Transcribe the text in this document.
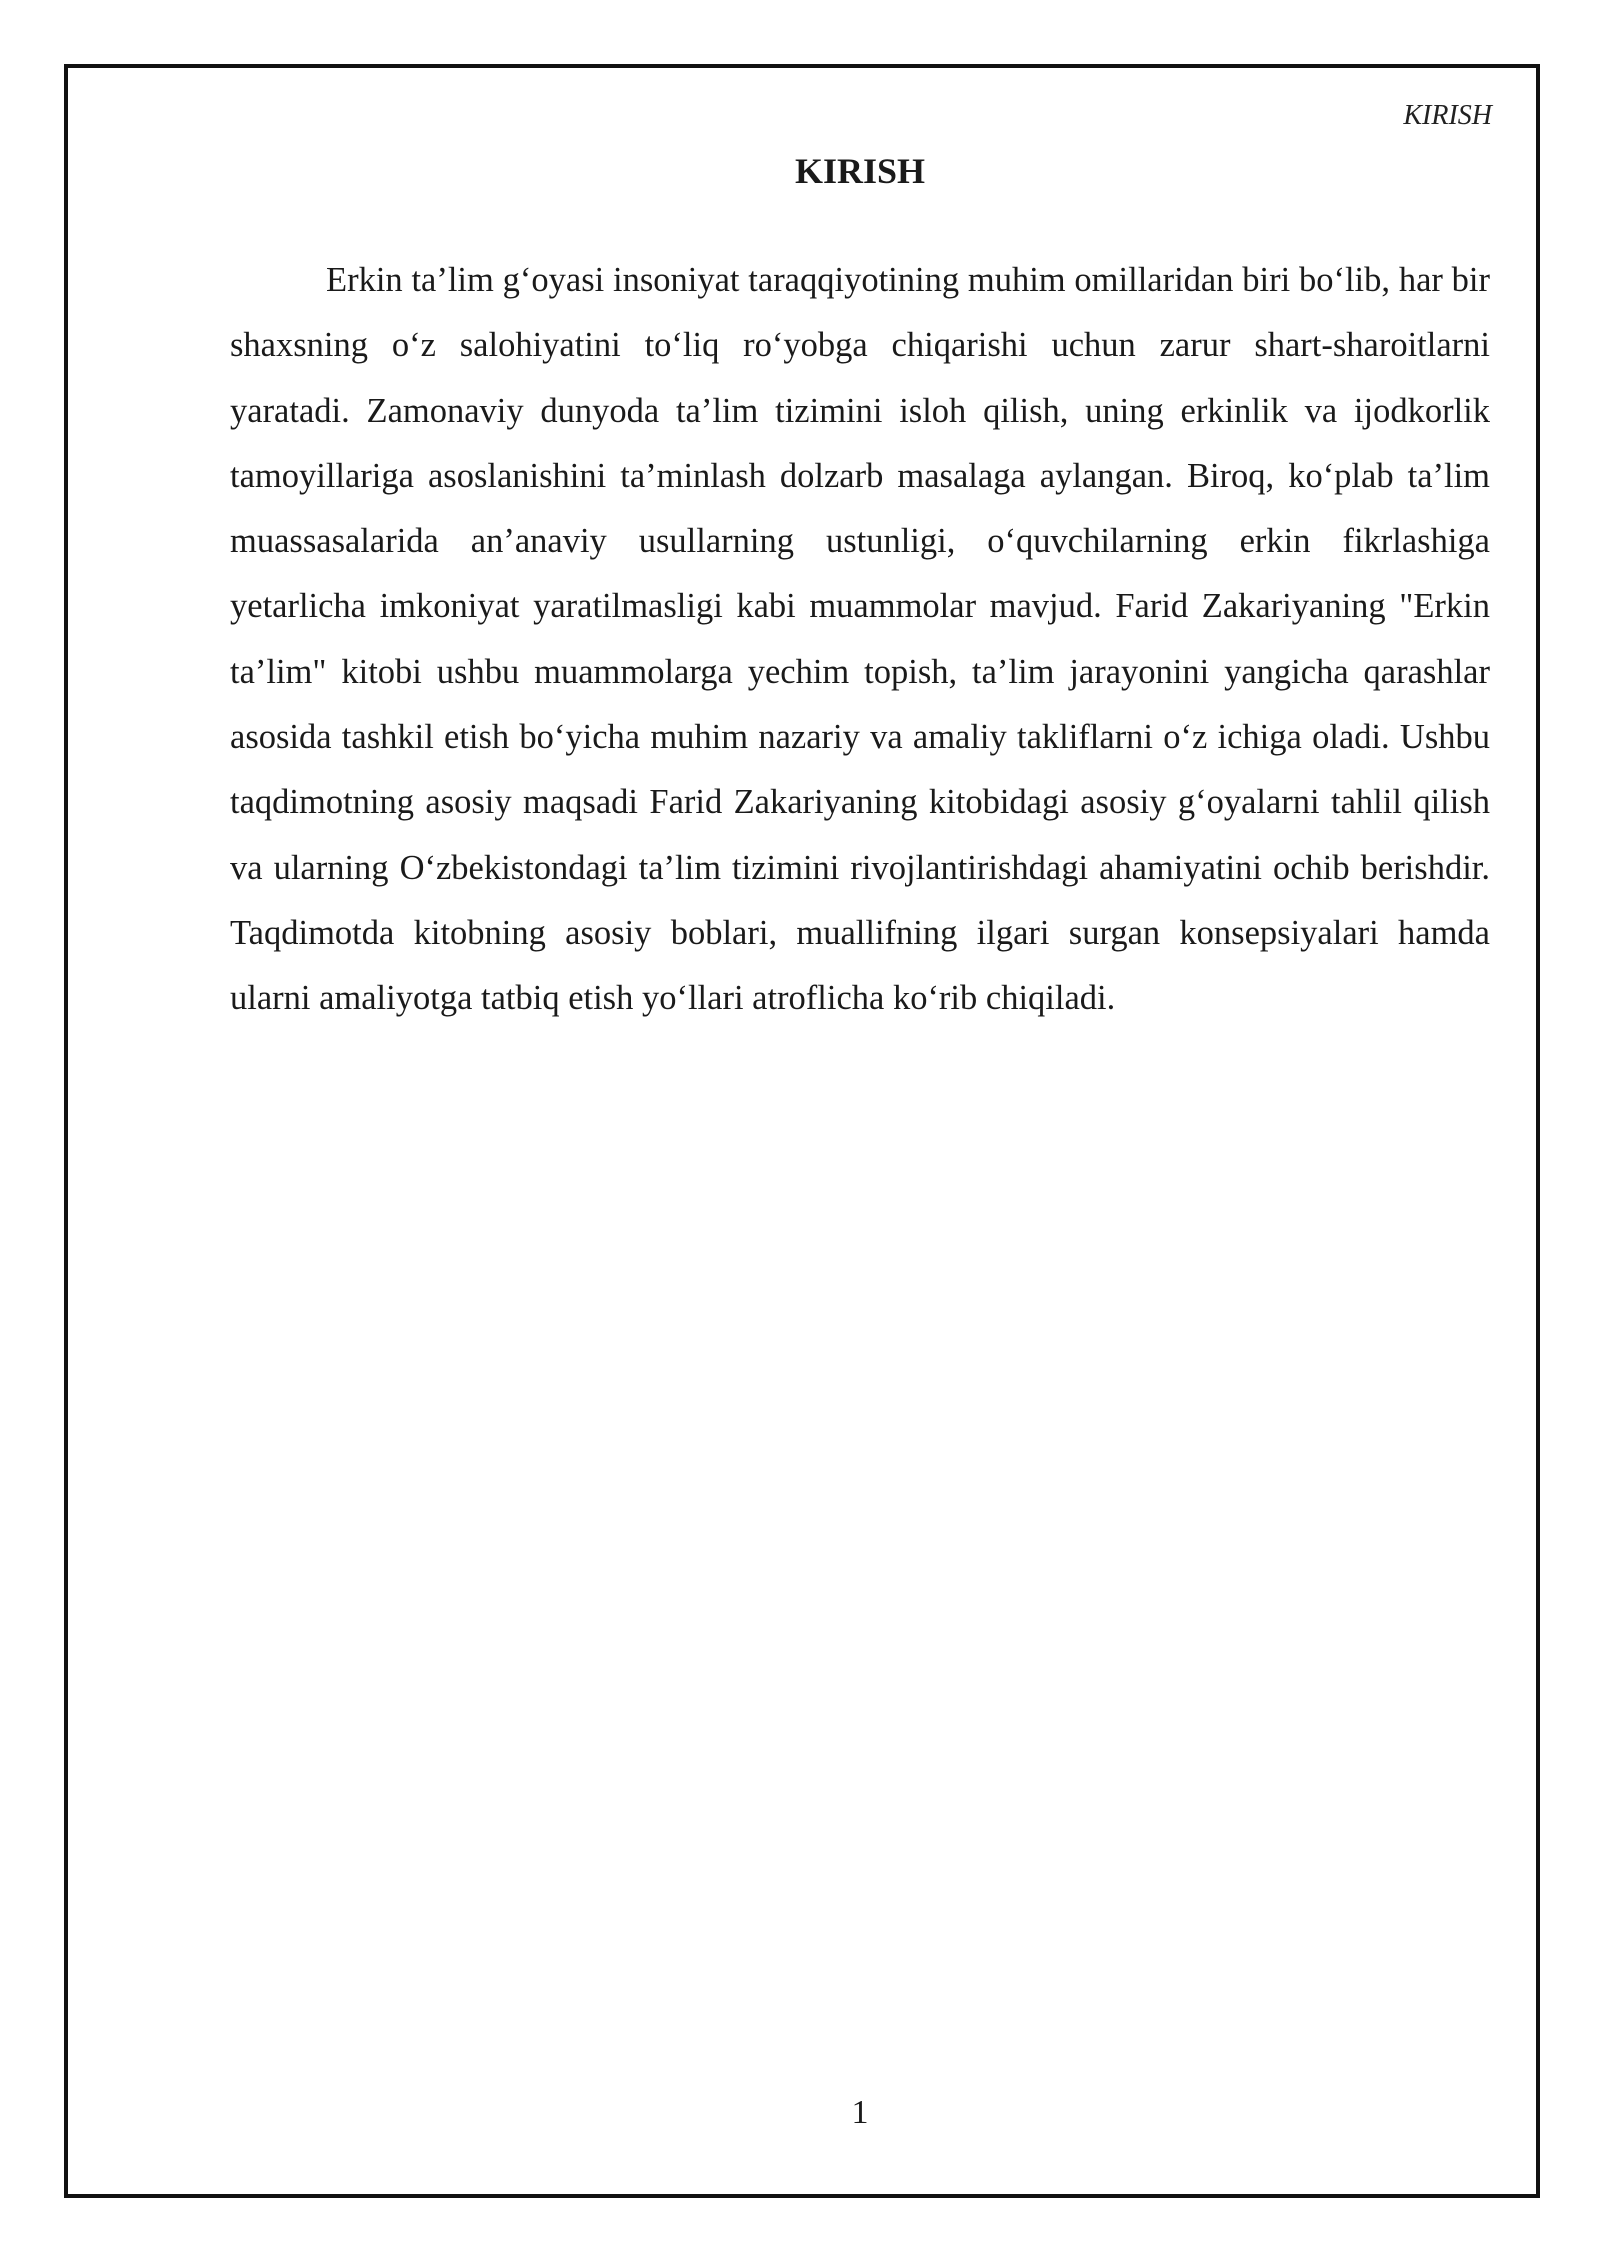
KIRISH
KIRISH

Erkin ta’lim g‘oyasi insoniyat taraqqiyotining muhim omillaridan biri bo‘lib, har bir shaxsning o‘z salohiyatini to‘liq ro‘yobga chiqarishi uchun zarur shart-sharoitlarni yaratadi. Zamonaviy dunyoda ta’lim tizimini isloh qilish, uning erkinlik va ijodkorlik tamoyillariga asoslanishini ta’minlash dolzarb masalaga aylangan. Biroq, ko‘plab ta’lim muassasalarida an’anaviy usullarning ustunligi, o‘quvchilarning erkin fikrlashiga yetarlicha imkoniyat yaratilmasligi kabi muammolar mavjud. Farid Zakariyaning "Erkin ta’lim" kitobi ushbu muammolarga yechim topish, ta’lim jarayonini yangicha qarashlar asosida tashkil etish bo‘yicha muhim nazariy va amaliy takliflarni o‘z ichiga oladi. Ushbu taqdimotning asosiy maqsadi Farid Zakariyaning kitobidagi asosiy g‘oyalarni tahlil qilish va ularning O‘zbekistondagi ta’lim tizimini rivojlantirishdagi ahamiyatini ochib berishdir. Taqdimotda kitobning asosiy boblari, muallifning ilgari surgan konsepsiyalari hamda ularni amaliyotga tatbiq etish yo‘llari atroflicha ko‘rib chiqiladi.

1
